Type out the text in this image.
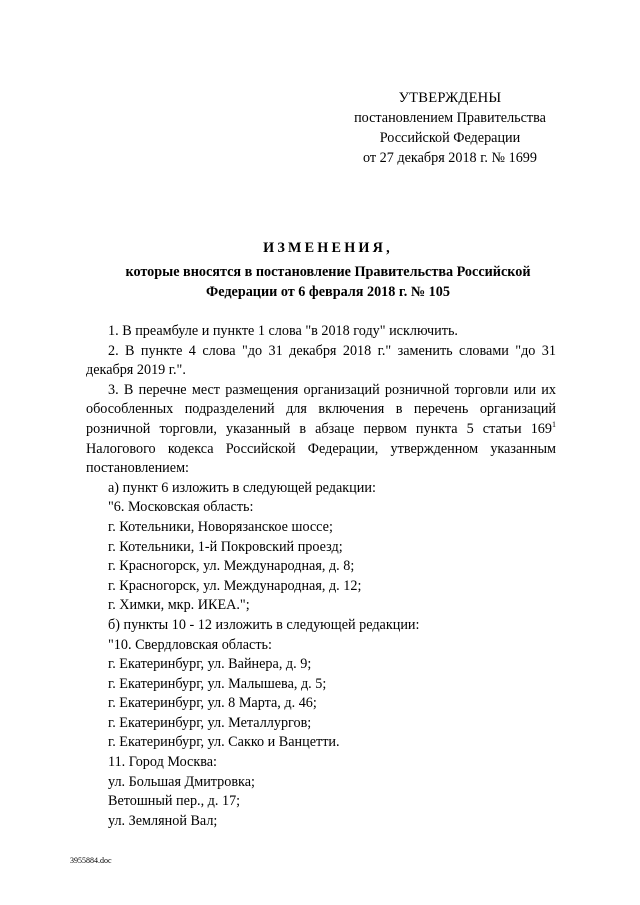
УТВЕРЖДЕНЫ
постановлением Правительства
Российской Федерации
от 27 декабря 2018 г. № 1699
ИЗМЕНЕНИЯ,
которые вносятся в постановление Правительства Российской
Федерации от 6 февраля 2018 г. № 105

1. В преамбуле и пункте 1 слова "в 2018 году" исключить.

2. В пункте 4 слова "до 31 декабря 2018 г." заменить словами "до 31 декабря 2019 г.".

3. В перечне мест размещения организаций розничной торговли или их обособленных подразделений для включения в перечень организаций розничной торговли, указанный в абзаце первом пункта 5 статьи $169^1$ Налогового кодекса Российской Федерации, утвержденном указанным постановлением:

а) пункт 6 изложить в следующей редакции:

"6. Московская область:

г. Котельники, Новорязанское шоссе;

г. Котельники, 1-й Покровский проезд;

г. Красногорск, ул. Международная, д. 8;

г. Красногорск, ул. Международная, д. 12;

г. Химки, мкр. ИКЕА.";

б) пункты 10 - 12 изложить в следующей редакции:

"10. Свердловская область:

г. Екатеринбург, ул. Вайнера, д. 9;

г. Екатеринбург, ул. Малышева, д. 5;

г. Екатеринбург, ул. 8 Марта, д. 46;

г. Екатеринбург, ул. Металлургов;

г. Екатеринбург, ул. Сакко и Ванцетти.

11. Город Москва:

ул. Большая Дмитровка;

Ветошный пер., д. 17;

ул. Земляной Вал;

3955884.doc
